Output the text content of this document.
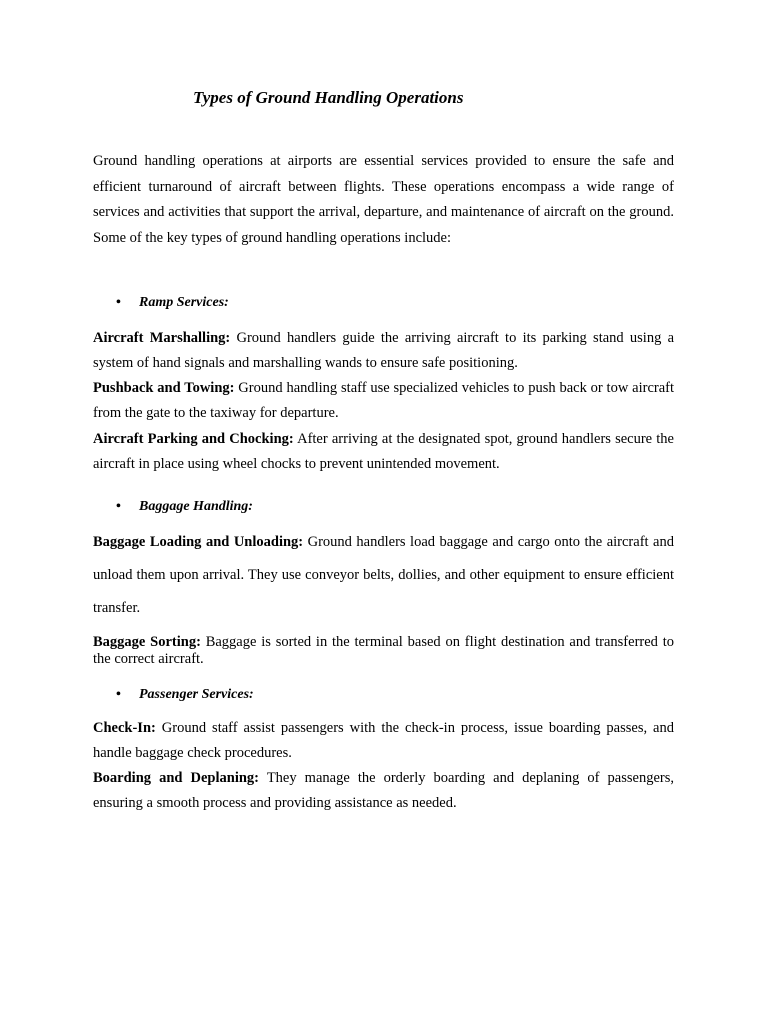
Types of Ground Handling Operations

Ground handling operations at airports are essential services provided to ensure the safe and efficient turnaround of aircraft between flights. These operations encompass a wide range of services and activities that support the arrival, departure, and maintenance of aircraft on the ground. Some of the key types of ground handling operations include:

• Ramp Services:

Aircraft Marshalling: Ground handlers guide the arriving aircraft to its parking stand using a system of hand signals and marshalling wands to ensure safe positioning.

Pushback and Towing: Ground handling staff use specialized vehicles to push back or tow aircraft from the gate to the taxiway for departure.

Aircraft Parking and Chocking: After arriving at the designated spot, ground handlers secure the aircraft in place using wheel chocks to prevent unintended movement.

• Baggage Handling:

Baggage Loading and Unloading: Ground handlers load baggage and cargo onto the aircraft and unload them upon arrival. They use conveyor belts, dollies, and other equipment to ensure efficient transfer.

Baggage Sorting: Baggage is sorted in the terminal based on flight destination and transferred to the correct aircraft.

• Passenger Services:

Check-In: Ground staff assist passengers with the check-in process, issue boarding passes, and handle baggage check procedures.

Boarding and Deplaning: They manage the orderly boarding and deplaning of passengers, ensuring a smooth process and providing assistance as needed.
